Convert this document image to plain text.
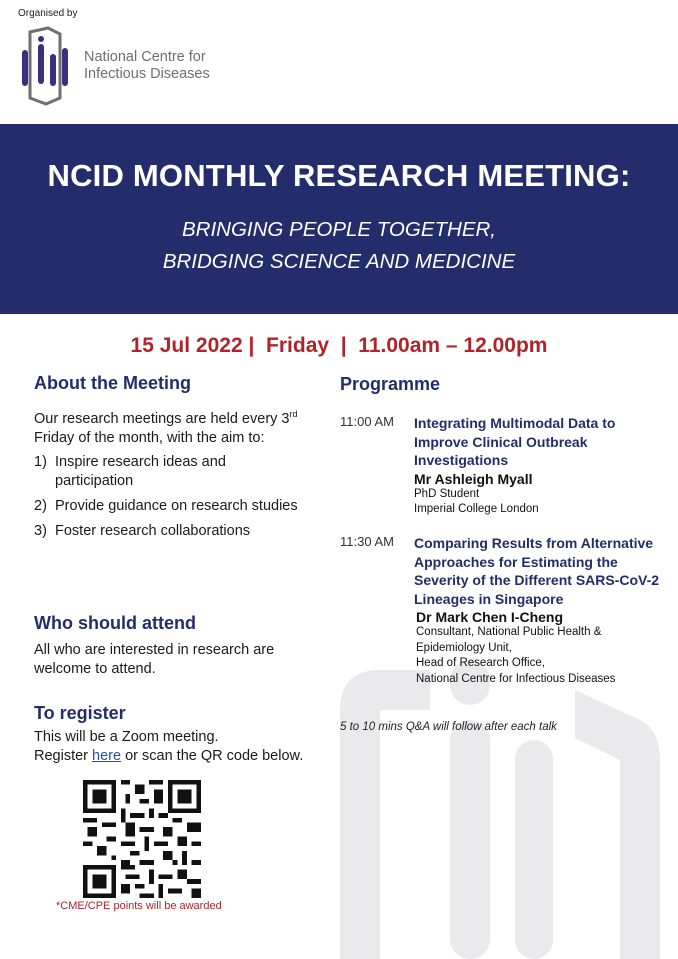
Organised by
National Centre for
Infectious Diseases
NCID MONTHLY RESEARCH MEETING:
BRINGING PEOPLE TOGETHER,
BRIDGING SCIENCE AND MEDICINE
15 Jul 2022 | Friday | 11.00am – 12.00pm
About the Meeting
Our research meetings are held every 3rd Friday of the month, with the aim to:
1) Inspire research ideas and participation
2) Provide guidance on research studies
3) Foster research collaborations
Who should attend
All who are interested in research are welcome to attend.
To register
This will be a Zoom meeting.
Register here or scan the QR code below.
*CME/CPE points will be awarded
Programme
11:00 AM	Integrating Multimodal Data to Improve Clinical Outbreak Investigations
Mr Ashleigh Myall
PhD Student
Imperial College London
11:30 AM	Comparing Results from Alternative Approaches for Estimating the Severity of the Different SARS-CoV-2 Lineages in Singapore
Dr Mark Chen I-Cheng
Consultant, National Public Health & Epidemiology Unit,
Head of Research Office,
National Centre for Infectious Diseases
5 to 10 mins Q&A will follow after each talk
